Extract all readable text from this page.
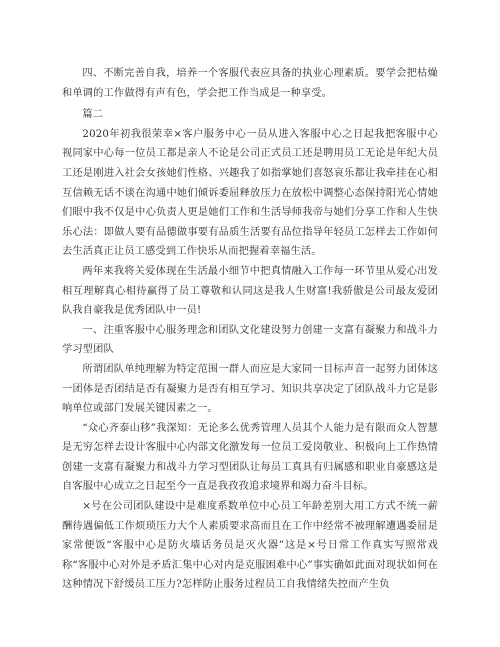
四、不断完善自我，培养一个客服代表应具备的执业心理素质。要学会把枯燥和单调的工作做得有声有色，学会把工作当成是一种享受。

篇二

2020年初我很荣幸×客户服务中心一员从进入客服中心之日起我把客服中心视同家中心每一位员工都是亲人不论是公司正式员工还是聘用员工无论是年纪大员工还是刚进入社会女孩她们性格、兴趣我了如指掌她们喜怒哀乐都让我牵挂在心相互信赖无话不谈在沟通中她们倾诉委屈释放压力在放松中调整心态保持阳光心情她们眼中我不仅是中心负责人更是她们工作和生活导师我帝与她们分享工作和人生快乐心法：即做人要有品德做事要有品质生活要有品位指导年轻员工怎样去工作如何去生活真正让员工感受到工作快乐从而把握着幸福生活。

两年来我将关爱体现在生活最小细节中把真情融入工作每一环节里从爱心出发相互理解真心相待赢得了员工尊敬和认同这是我人生财富!我骄傲是公司最友爱团队我自豪我是优秀团队中一员!

一、注重客服中心服务理念和团队文化建设努力创建一支富有凝聚力和战斗力学习型团队

所谓团队单纯理解为特定范围一群人而应是大家同一目标声音一起努力团体这一团体是否团结是否有凝聚力是否有相互学习、知识共享决定了团队战斗力它是影响单位或部门发展关键因素之一。

“众心齐泰山移”我深知：无论多么优秀管理人员其个人能力是有限而众人智慧是无穷怎样去设计客服中心内部文化激发每一位员工爱岗敬业、积极向上工作热情创建一支富有凝聚力和战斗力学习型团队让每员工真具有归属感和职业自豪感这是自客服中心成立之日起至今一直是我孜孜追求境界和竭力奋斗目标。

×号在公司团队建设中是难度系数单位中心员工年龄差别大用工方式不统一薪酬待遇偏低工作烦琐压力大个人素质要求高而且在工作中经常不被理解遭遇委屈是家常便饭“客服中心是防火墙话务员是灭火器”这是×号日常工作真实写照常戏称“客服中心对外是矛盾汇集中心对内是克服困难中心”事实确如此面对现状如何在这种情况下舒缓员工压力?怎样防止服务过程员工自我情绪失控而产生负
